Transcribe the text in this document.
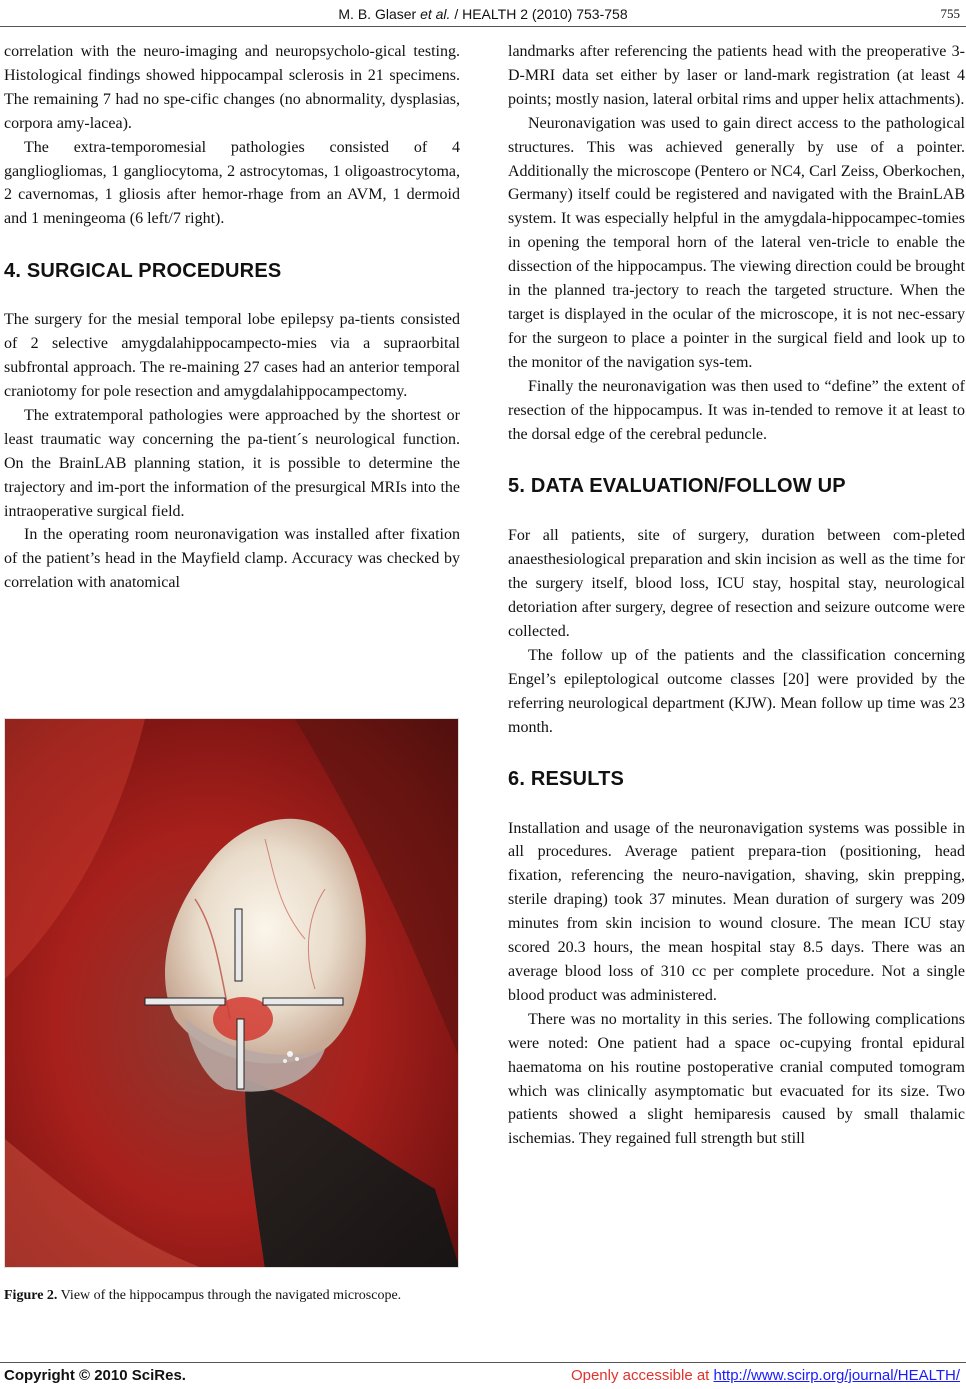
M. B. Glaser et al. / HEALTH 2 (2010) 753-758	755

correlation with the neuro-imaging and neuropsycholo-gical testing. Histological findings showed hippocampal sclerosis in 21 specimens. The remaining 7 had no spe-cific changes (no abnormality, dysplasias, corpora amy-lacea).

The extra-temporomesial pathologies consisted of 4 gangliogliomas, 1 gangliocytoma, 2 astrocytomas, 1 oligoastrocytoma, 2 cavernomas, 1 gliosis after hemor-rhage from an AVM, 1 dermoid and 1 meningeoma (6 left/7 right).

4. SURGICAL PROCEDURES

The surgery for the mesial temporal lobe epilepsy pa-tients consisted of 2 selective amygdalahippocampecto-mies via a supraorbital subfrontal approach. The re-maining 27 cases had an anterior temporal craniotomy for pole resection and amygdalahippocampectomy.

The extratemporal pathologies were approached by the shortest or least traumatic way concerning the pa-tient´s neurological function. On the BrainLAB planning station, it is possible to determine the trajectory and im-port the information of the presurgical MRIs into the intraoperative surgical field.

In the operating room neuronavigation was installed after fixation of the patient’s head in the Mayfield clamp. Accuracy was checked by correlation with anatomical

Figure 2. View of the hippocampus through the navigated microscope.

landmarks after referencing the patients head with the preoperative 3-D-MRI data set either by laser or land-mark registration (at least 4 points; mostly nasion, lateral orbital rims and upper helix attachments).

Neuronavigation was used to gain direct access to the pathological structures. This was achieved generally by use of a pointer. Additionally the microscope (Pentero or NC4, Carl Zeiss, Oberkochen, Germany) itself could be registered and navigated with the BrainLAB system. It was especially helpful in the amygdala-hippocampec-tomies in opening the temporal horn of the lateral ven-tricle to enable the dissection of the hippocampus. The viewing direction could be brought in the planned tra-jectory to reach the targeted structure. When the target is displayed in the ocular of the microscope, it is not nec-essary for the surgeon to place a pointer in the surgical field and look up to the monitor of the navigation sys-tem.

Finally the neuronavigation was then used to “define” the extent of resection of the hippocampus. It was in-tended to remove it at least to the dorsal edge of the cerebral peduncle.

5. DATA EVALUATION/FOLLOW UP

For all patients, site of surgery, duration between com-pleted anaesthesiological preparation and skin incision as well as the time for the surgery itself, blood loss, ICU stay, hospital stay, neurological detoriation after surgery, degree of resection and seizure outcome were collected.

The follow up of the patients and the classification concerning Engel’s epileptological outcome classes [20] were provided by the referring neurological department (KJW). Mean follow up time was 23 month.

6. RESULTS

Installation and usage of the neuronavigation systems was possible in all procedures. Average patient prepara-tion (positioning, head fixation, referencing the neuro-navigation, shaving, skin prepping, sterile draping) took 37 minutes. Mean duration of surgery was 209 minutes from skin incision to wound closure. The mean ICU stay scored 20.3 hours, the mean hospital stay 8.5 days. There was an average blood loss of 310 cc per complete procedure. Not a single blood product was administered.

There was no mortality in this series. The following complications were noted: One patient had a space oc-cupying frontal epidural haematoma on his routine postoperative cranial computed tomogram which was clinically asymptomatic but evacuated for its size. Two patients showed a slight hemiparesis caused by small thalamic ischemias. They regained full strength but still

Copyright © 2010 SciRes.	Openly accessible at http://www.scirp.org/journal/HEALTH/
